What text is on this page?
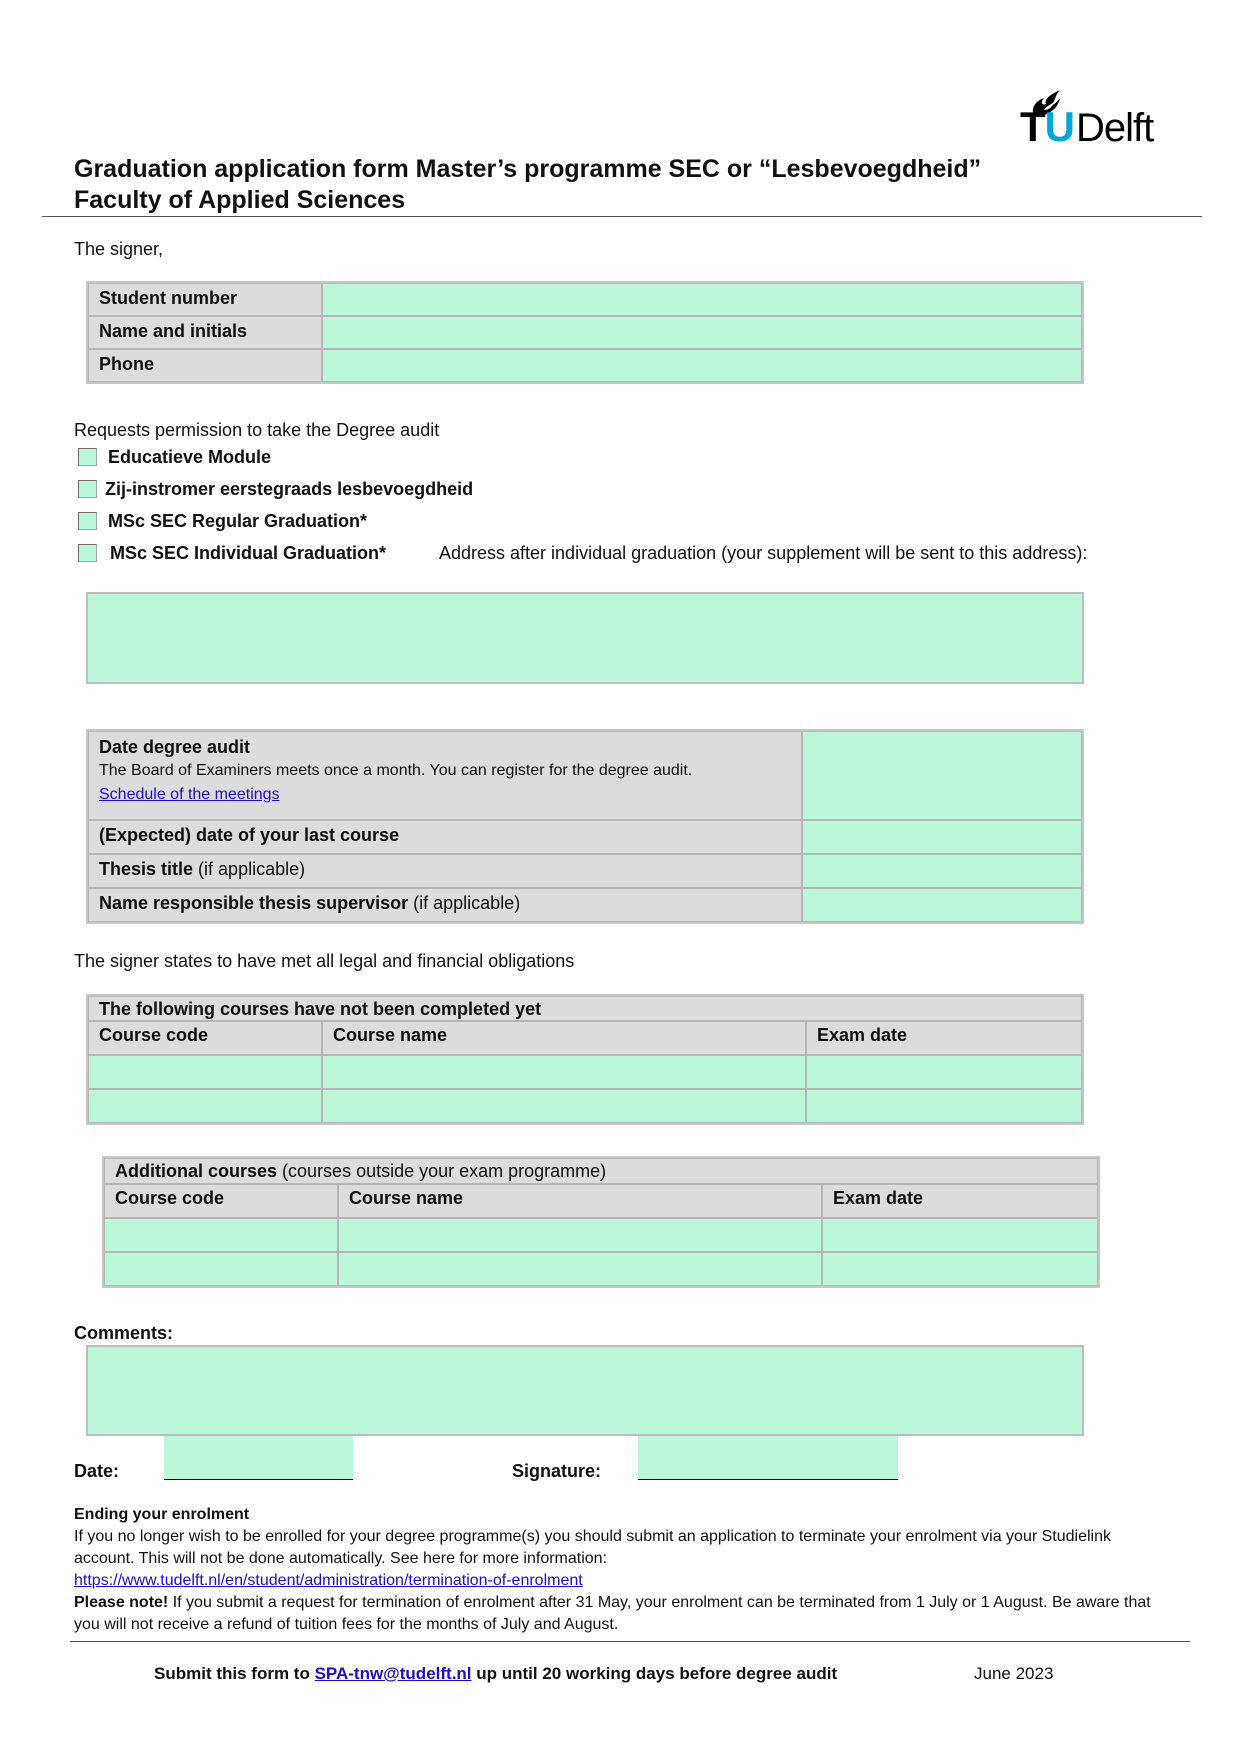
TUDelft
Graduation application form Master’s programme SEC or “Lesbevoegdheid”
Faculty of Applied Sciences
The signer,
Student number	
Name and initials	
Phone	
Requests permission to take the Degree audit
Educatieve Module
Zij-instromer eerstegraads lesbevoegdheid
MSc SEC Regular Graduation*
MSc SEC Individual Graduation*	Address after individual graduation (your supplement will be sent to this address):
Date degree audit
The Board of Examiners meets once a month. You can register for the degree audit.
Schedule of the meetings	

(Expected) date of your last course	
Thesis title (if applicable)	
Name responsible thesis supervisor (if applicable)	
The signer states to have met all legal and financial obligations
The following courses have not been completed yet		
Course code	Course name	Exam date

Additional courses (courses outside your exam programme)		
Course code	Course name	Exam date

Comments:
Date:	Signature:
Ending your enrolment
If you no longer wish to be enrolled for your degree programme(s) you should submit an application to terminate your enrolment via your Studielink account. This will not be done automatically. See here for more information:
https://www.tudelft.nl/en/student/administration/termination-of-enrolment
Please note! If you submit a request for termination of enrolment after 31 May, your enrolment can be terminated from 1 July or 1 August. Be aware that you will not receive a refund of tuition fees for the months of July and August.
Submit this form to SPA-tnw@tudelft.nl up until 20 working days before degree audit	June 2023
